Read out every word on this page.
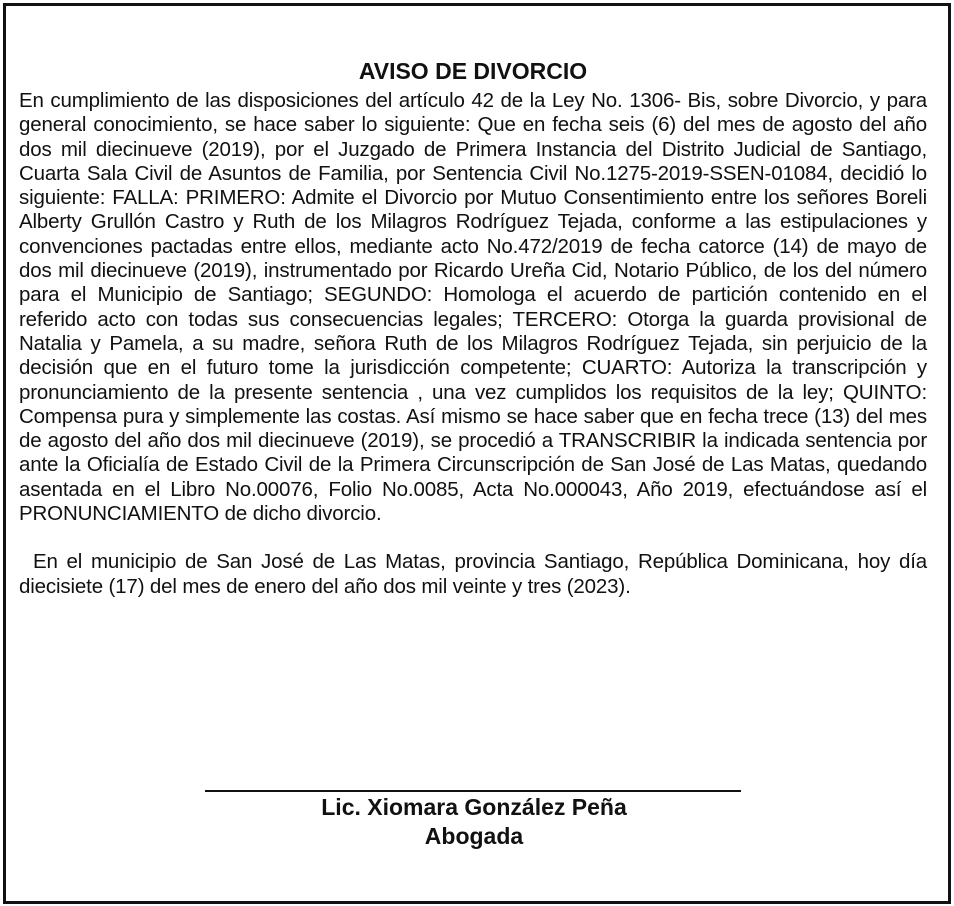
AVISO DE DIVORCIO

En cumplimiento de las disposiciones del artículo 42 de la Ley No. 1306- Bis, sobre Divorcio, y para general conocimiento, se hace saber lo siguiente: Que en fecha seis (6) del mes de agosto del año dos mil diecinueve (2019), por el Juzgado de Primera Instancia del Distrito Judicial de Santiago, Cuarta Sala Civil de Asuntos de Familia, por Sentencia Civil No.1275-2019-SSEN-01084, decidió lo siguiente: FALLA: PRIMERO: Admite el Divorcio por Mutuo Consentimiento entre los señores Boreli Alberty Grullón Castro y Ruth de los Milagros Rodríguez Tejada, conforme a las estipulaciones y convenciones pactadas entre ellos, mediante acto No.472/2019 de fecha catorce (14) de mayo de dos mil diecinueve (2019), instrumentado por Ricardo Ureña Cid, Notario Público, de los del número para el Municipio de Santiago; SEGUNDO: Homologa el acuerdo de partición contenido en el referido acto con todas sus consecuencias legales; TERCERO: Otorga la guarda provisional de Natalia y Pamela, a su madre, señora Ruth de los Milagros Rodríguez Tejada, sin perjuicio de la decisión que en el futuro tome la jurisdicción competente; CUARTO: Autoriza la transcripción y pronunciamiento de la presente sentencia , una vez cumplidos los requisitos de la ley; QUINTO: Compensa pura y simplemente las costas. Así mismo se hace saber que en fecha trece (13) del mes de agosto del año dos mil diecinueve (2019), se procedió a TRANSCRIBIR la indicada sentencia por ante la Oficialía de Estado Civil de la Primera Circunscripción de San José de Las Matas, quedando asentada en el Libro No.00076, Folio No.0085, Acta No.000043, Año 2019, efectuándose así el PRONUNCIAMIENTO de dicho divorcio.

En el municipio de San José de Las Matas, provincia Santiago, República Dominicana, hoy día diecisiete (17) del mes de enero del año dos mil veinte y tres (2023).

Lic. Xiomara González Peña
Abogada
